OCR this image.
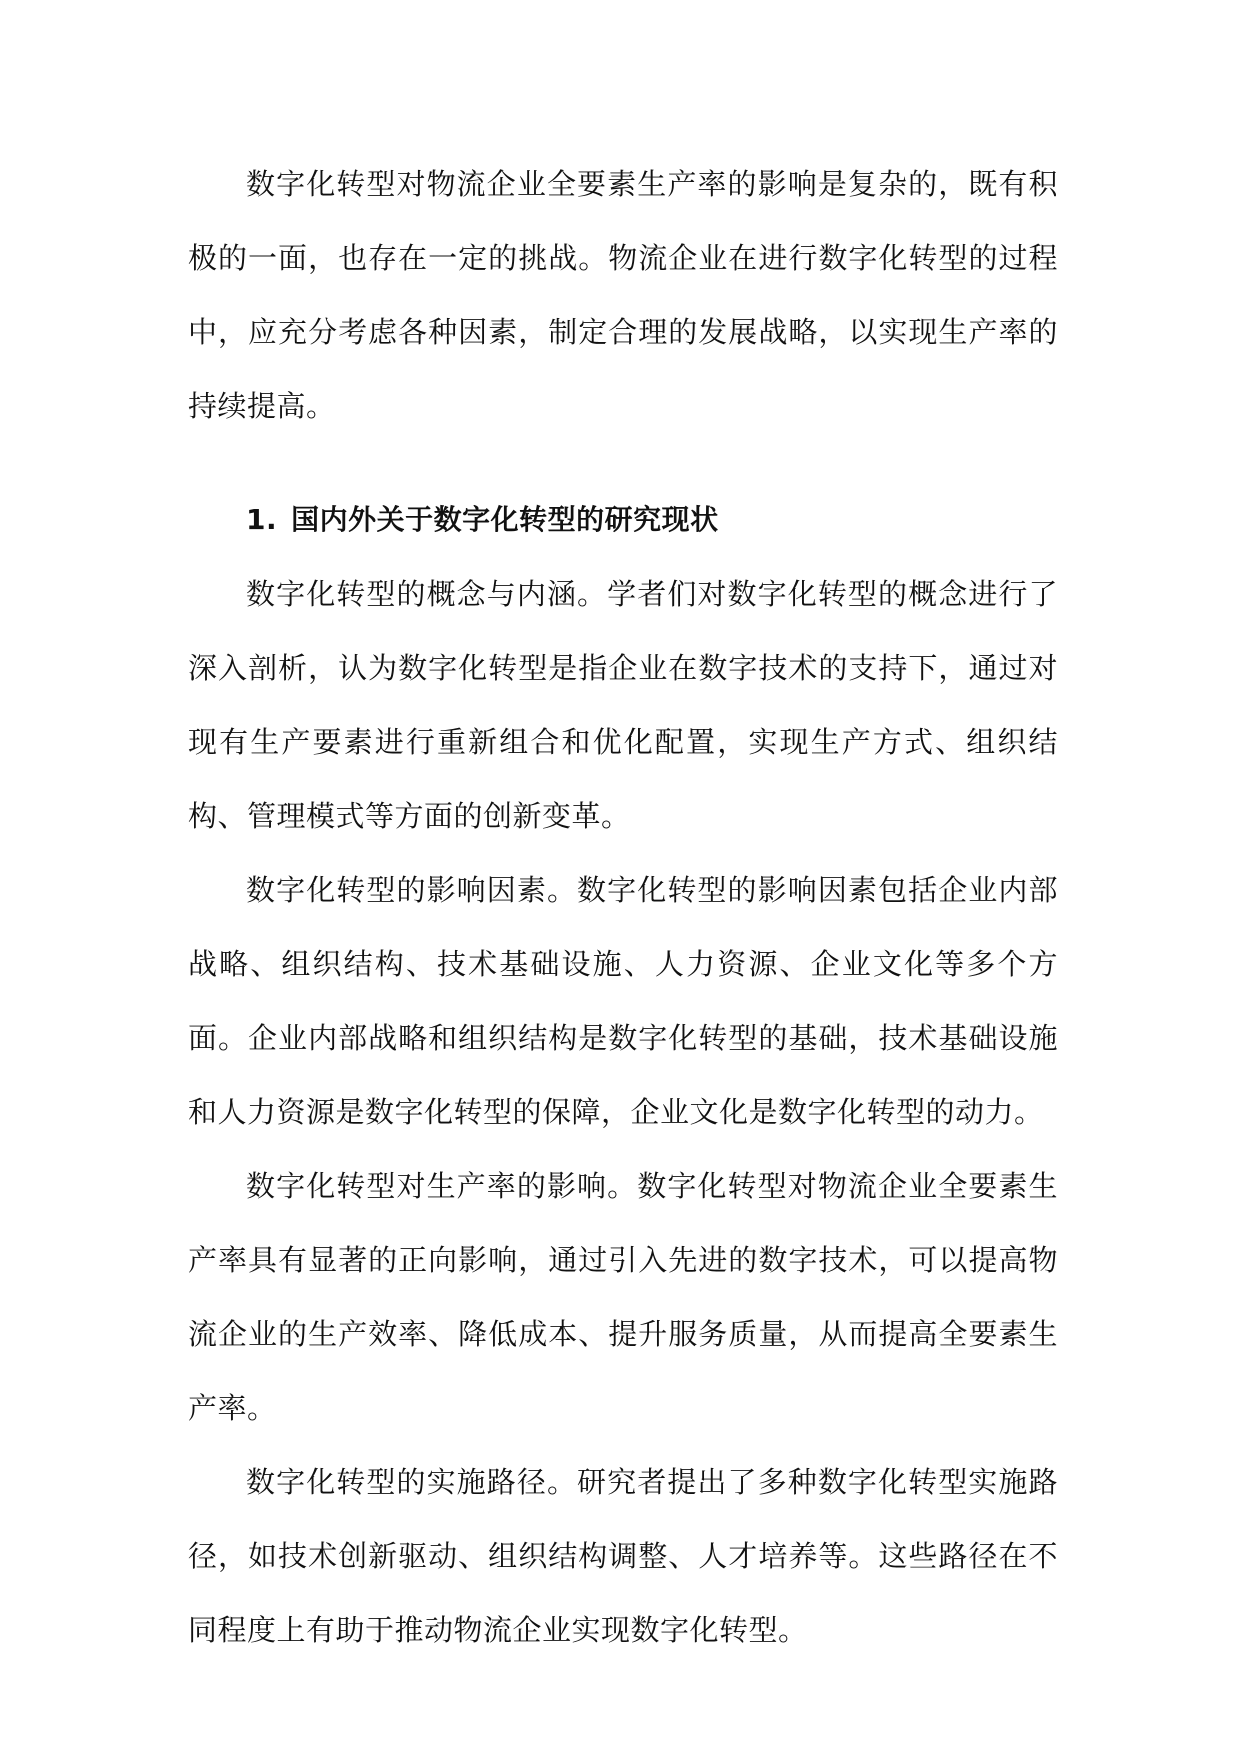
数字化转型对物流企业全要素生产率的影响是复杂的，既有积极的一面，也存在一定的挑战。物流企业在进行数字化转型的过程中，应充分考虑各种因素，制定合理的发展战略，以实现生产率的持续提高。

1. 国内外关于数字化转型的研究现状

数字化转型的概念与内涵。学者们对数字化转型的概念进行了深入剖析，认为数字化转型是指企业在数字技术的支持下，通过对现有生产要素进行重新组合和优化配置，实现生产方式、组织结构、管理模式等方面的创新变革。

数字化转型的影响因素。数字化转型的影响因素包括企业内部战略、组织结构、技术基础设施、人力资源、企业文化等多个方面。企业内部战略和组织结构是数字化转型的基础，技术基础设施和人力资源是数字化转型的保障，企业文化是数字化转型的动力。

数字化转型对生产率的影响。数字化转型对物流企业全要素生产率具有显著的正向影响，通过引入先进的数字技术，可以提高物流企业的生产效率、降低成本、提升服务质量，从而提高全要素生产率。

数字化转型的实施路径。研究者提出了多种数字化转型实施路径，如技术创新驱动、组织结构调整、人才培养等。这些路径在不同程度上有助于推动物流企业实现数字化转型。
